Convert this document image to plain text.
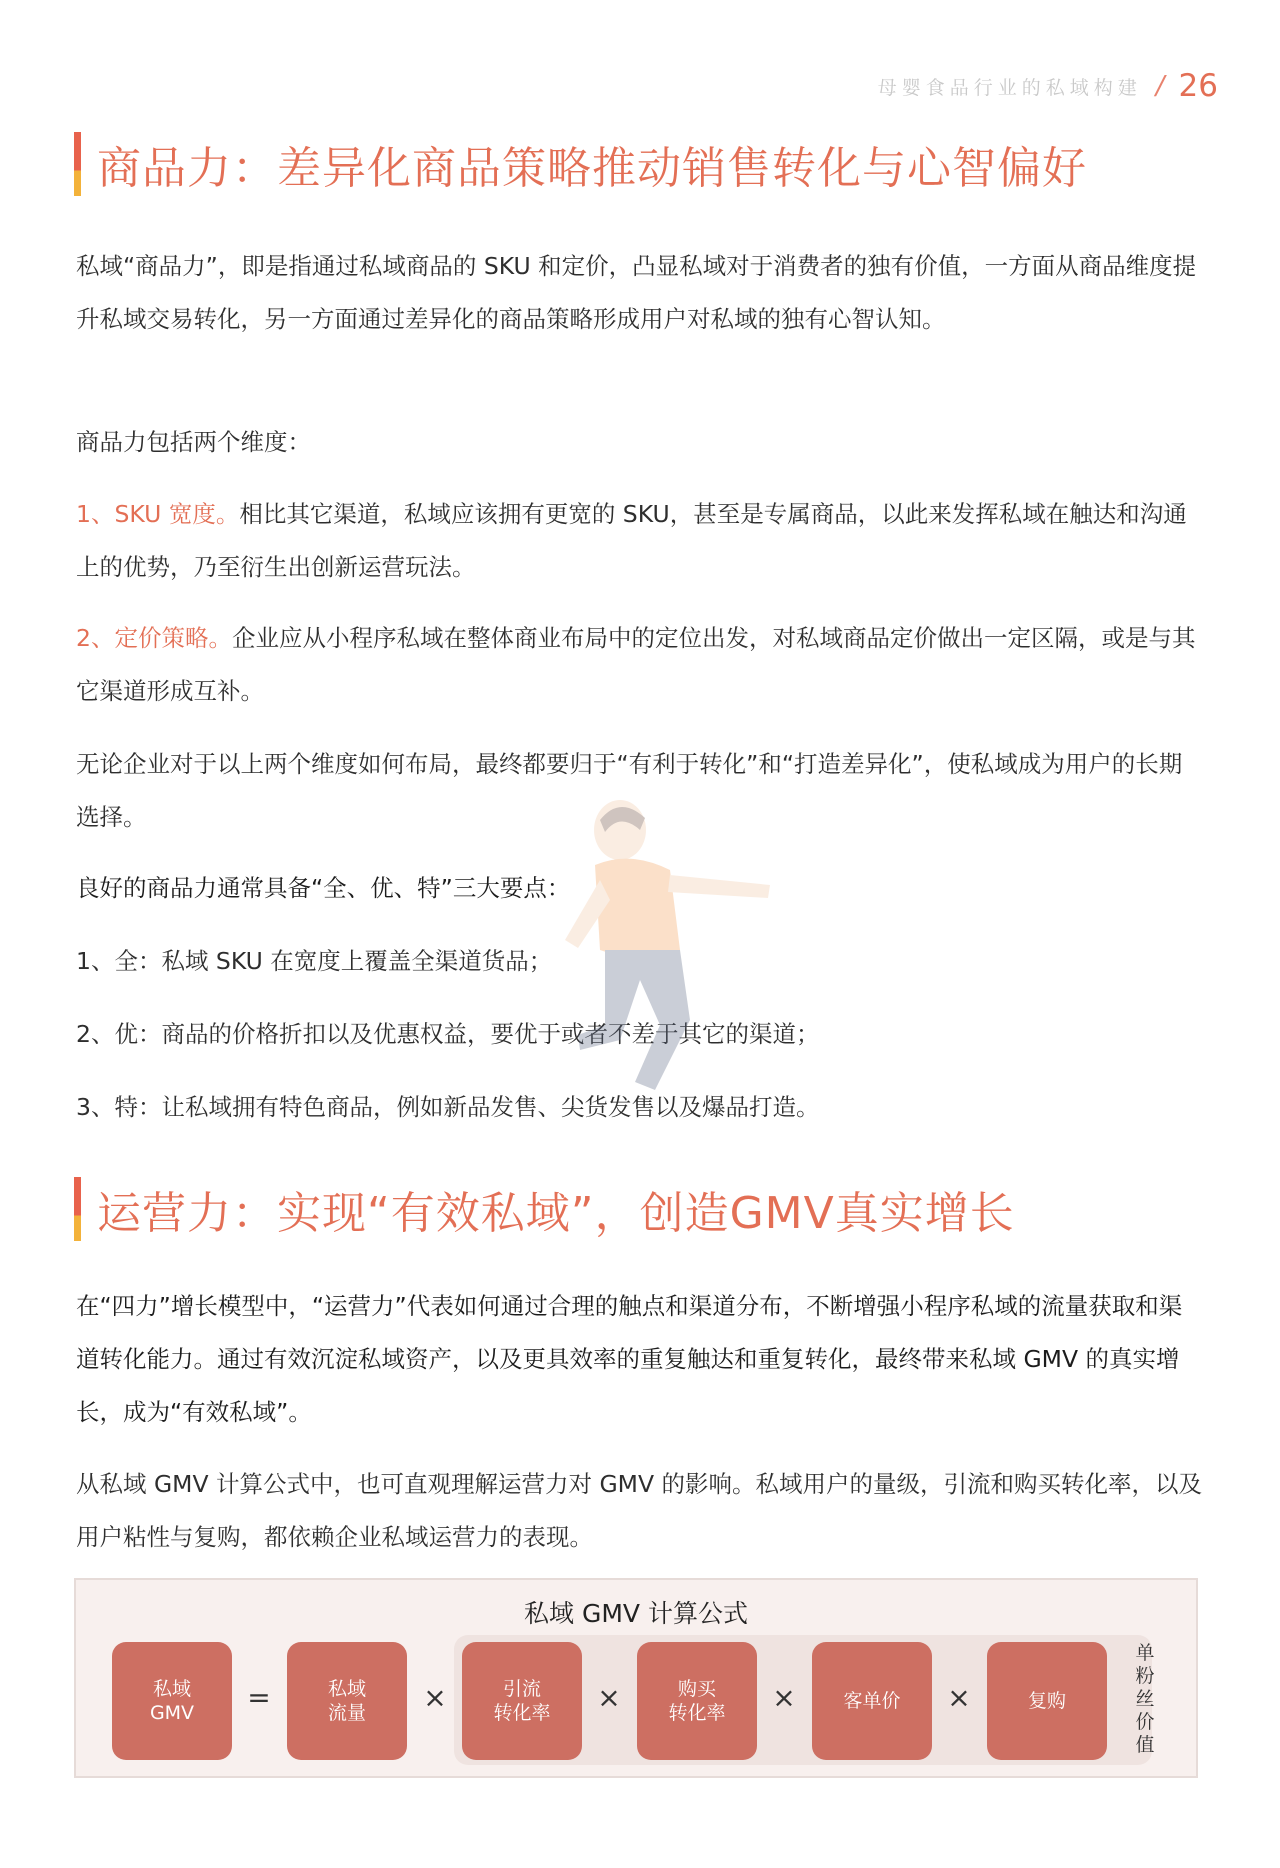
母婴食品行业的私域构建 / 26
商品力：差异化商品策略推动销售转化与心智偏好
私域“商品力”，即是指通过私域商品的 SKU 和定价，凸显私域对于消费者的独有价值，一方面从商品维度提升私域交易转化，另一方面通过差异化的商品策略形成用户对私域的独有心智认知。
商品力包括两个维度：
1、SKU 宽度。相比其它渠道，私域应该拥有更宽的 SKU，甚至是专属商品，以此来发挥私域在触达和沟通上的优势，乃至衍生出创新运营玩法。
2、定价策略。企业应从小程序私域在整体商业布局中的定位出发，对私域商品定价做出一定区隔，或是与其它渠道形成互补。
无论企业对于以上两个维度如何布局，最终都要归于“有利于转化”和“打造差异化”，使私域成为用户的长期选择。
良好的商品力通常具备“全、优、特”三大要点：
1、全：私域 SKU 在宽度上覆盖全渠道货品；
2、优：商品的价格折扣以及优惠权益，要优于或者不差于其它的渠道；
3、特：让私域拥有特色商品，例如新品发售、尖货发售以及爆品打造。
运营力：实现“有效私域”，创造GMV真实增长
在“四力”增长模型中，“运营力”代表如何通过合理的触点和渠道分布，不断增强小程序私域的流量获取和渠道转化能力。通过有效沉淀私域资产，以及更具效率的重复触达和重复转化，最终带来私域 GMV 的真实增长，成为“有效私域”。
从私域 GMV 计算公式中，也可直观理解运营力对 GMV 的影响。私域用户的量级，引流和购买转化率，以及用户粘性与复购，都依赖企业私域运营力的表现。
私域 GMV 计算公式
私域
GMV =	私域
流量 ×	引流
转化率 ×	购买
转化率 ×	客单价 ×	复购
单粉丝价值
